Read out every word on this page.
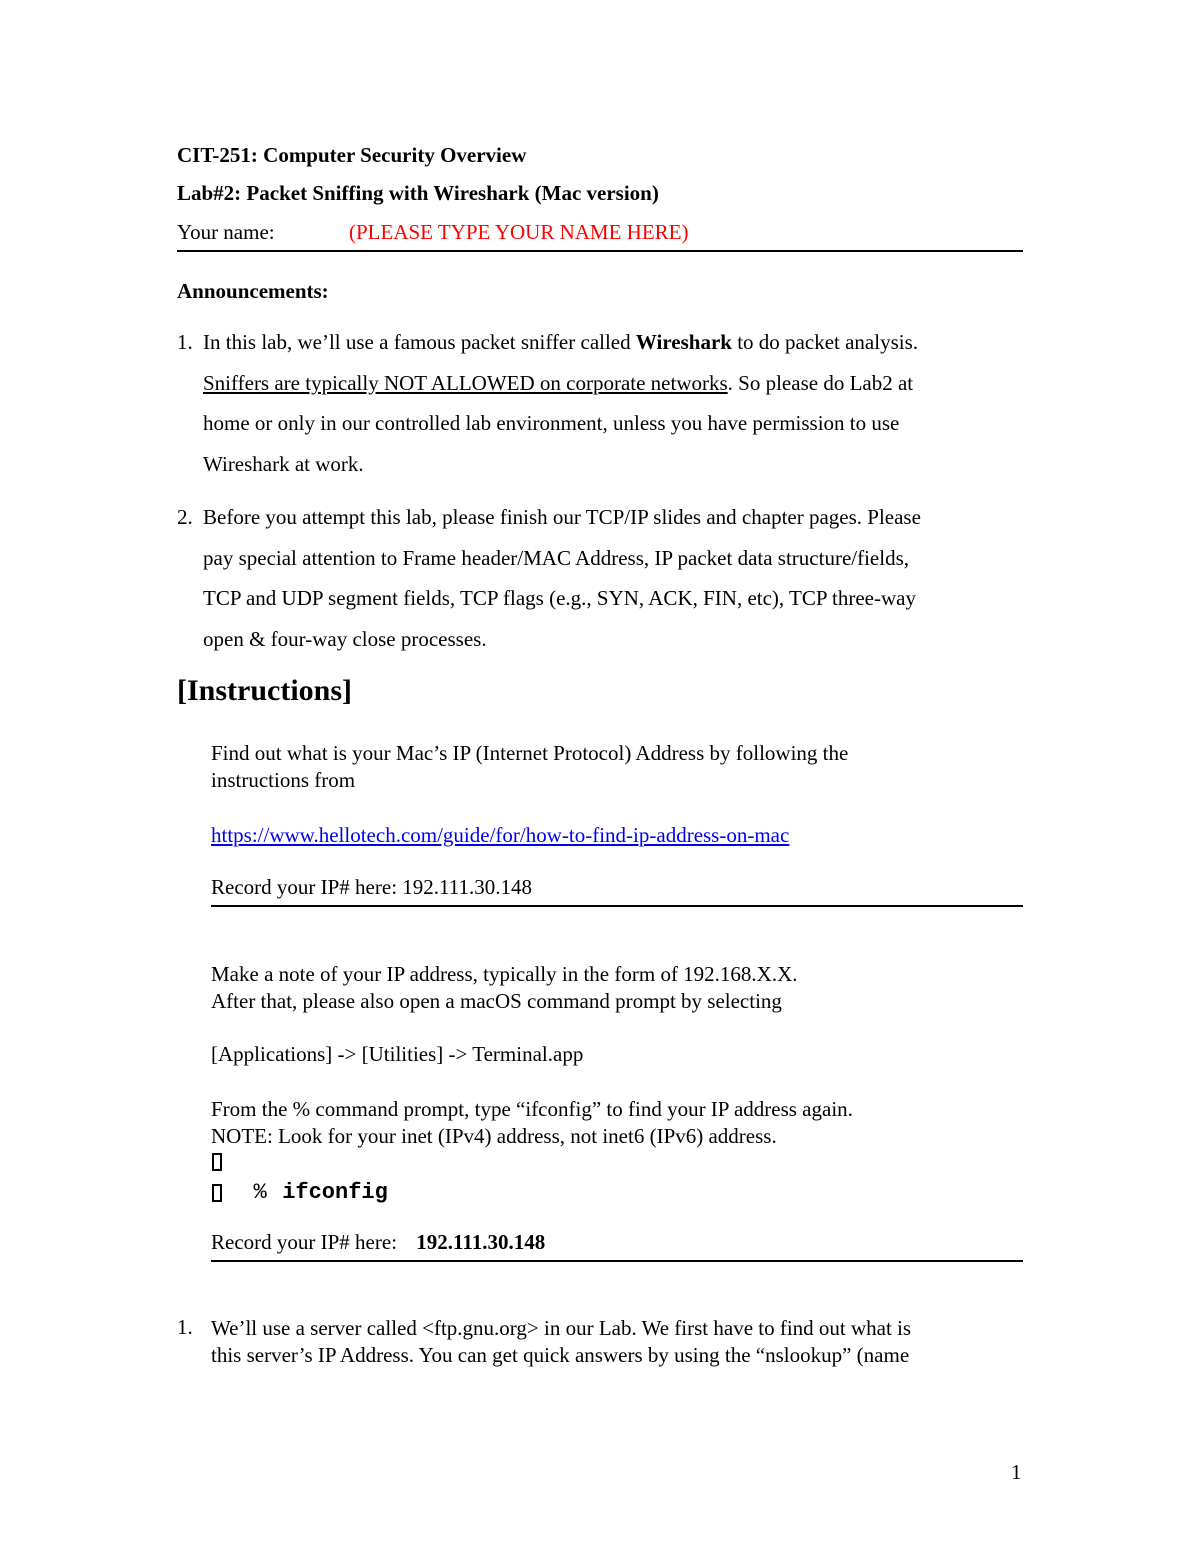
CIT-251: Computer Security Overview
Lab#2: Packet Sniffing with Wireshark (Mac version)
Your name:	(PLEASE TYPE YOUR NAME HERE)
Announcements:
1. In this lab, we’ll use a famous packet sniffer called Wireshark to do packet analysis.
Sniffers are typically NOT ALLOWED on corporate networks. So please do Lab2 at
home or only in our controlled lab environment, unless you have permission to use
Wireshark at work.
2. Before you attempt this lab, please finish our TCP/IP slides and chapter pages. Please
pay special attention to Frame header/MAC Address, IP packet data structure/fields,
TCP and UDP segment fields, TCP flags (e.g., SYN, ACK, FIN, etc), TCP three-way
open & four-way close processes.
[Instructions]
Find out what is your Mac’s IP (Internet Protocol) Address by following the
instructions from
https://www.hellotech.com/guide/for/how-to-find-ip-address-on-mac
Record your IP# here: 192.111.30.148
Make a note of your IP address, typically in the form of 192.168.X.X.
After that, please also open a macOS command prompt by selecting
[Applications] -> [Utilities] -> Terminal.app
From the % command prompt, type “ifconfig” to find your IP address again.
NOTE: Look for your inet (IPv4) address, not inet6 (IPv6) address.
% ifconfig
Record your IP# here: 192.111.30.148
1. We’ll use a server called <ftp.gnu.org> in our Lab. We first have to find out what is
this server’s IP Address. You can get quick answers by using the “nslookup” (name
1
